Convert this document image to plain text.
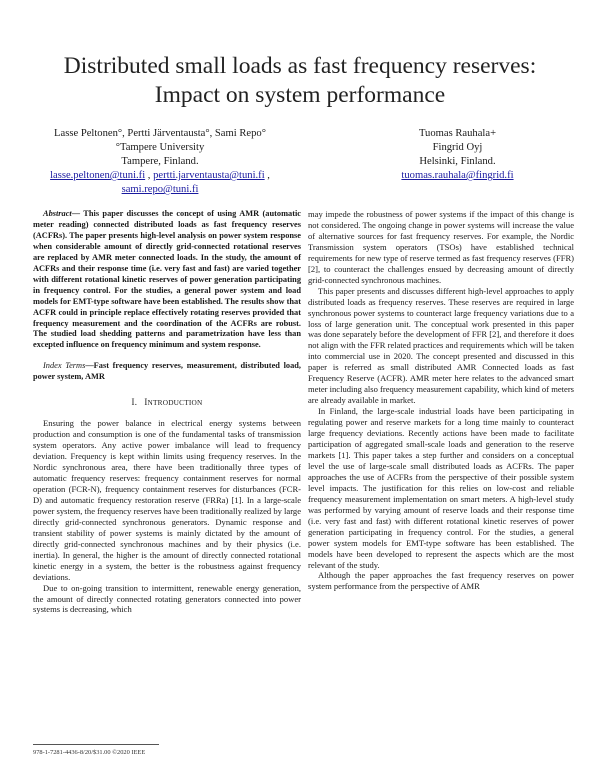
Distributed small loads as fast frequency reserves:
Impact on system performance
Lasse Peltonen°, Pertti Järventausta°, Sami Repo°
°Tampere University
Tampere, Finland.
lasse.peltonen@tuni.fi , pertti.jarventausta@tuni.fi ,
sami.repo@tuni.fi
Tuomas Rauhala+
Fingrid Oyj
Helsinki, Finland.
tuomas.rauhala@fingrid.fi

Abstract— This paper discusses the concept of using AMR (automatic meter reading) connected distributed loads as fast frequency reserves (ACFRs). The paper presents high-level analysis on power system response when considerable amount of directly grid-connected rotational reserves are replaced by AMR meter connected loads. In the study, the amount of ACFRs and their response time (i.e. very fast and fast) are varied together with different rotational kinetic reserves of power generation participating in frequency control. For the studies, a general power system and load models for EMT-type software have been established. The results show that ACFR could in principle replace effectively rotating reserves provided that frequency measurement and the coordination of the ACFRs are robust. The studied load shedding patterns and parametrization have less than excepted influence on frequency minimum and system response.

Index Terms—Fast frequency reserves, measurement, distributed load, power system, AMR

I. INTRODUCTION

Ensuring the power balance in electrical energy systems between production and consumption is one of the fundamental tasks of transmission system operators. Any active power imbalance will lead to frequency deviation. Frequency is kept within limits using frequency reserves. In the Nordic synchronous area, there have been traditionally three types of automatic frequency reserves: frequency containment reserves for normal operation (FCR-N), frequency containment reserves for disturbances (FCR-D) and automatic frequency restoration reserve (FRRa) [1]. In a large-scale power system, the frequency reserves have been traditionally realized by large directly grid-connected synchronous generators. Dynamic response and transient stability of power systems is mainly dictated by the amount of directly grid-connected synchronous machines and by their physics (i.e. inertia). In general, the higher is the amount of directly connected rotational kinetic energy in a system, the better is the robustness against frequency deviations.

Due to on-going transition to intermittent, renewable energy generation, the amount of directly connected rotating generators connected into power systems is decreasing, which

may impede the robustness of power systems if the impact of this change is not considered. The ongoing change in power systems will increase the value of alternative sources for fast frequency reserves. For example, the Nordic Transmission system operators (TSOs) have established technical requirements for new type of reserve termed as fast frequency reserves (FFR) [2], to counteract the challenges ensued by decreasing amount of directly grid-connected synchronous machines.

This paper presents and discusses different high-level approaches to apply distributed loads as frequency reserves. These reserves are required in large synchronous power systems to counteract large frequency variations due to a loss of large generation unit. The conceptual work presented in this paper was done separately before the development of FFR [2], and therefore it does not align with the FFR related practices and requirements which will be taken into commercial use in 2020. The concept presented and discussed in this paper is referred as small distributed AMR Connected loads as fast Frequency Reserve (ACFR). AMR meter here relates to the advanced smart meter including also frequency measurement capability, which kind of meters are already available in market.

In Finland, the large-scale industrial loads have been participating in regulating power and reserve markets for a long time mainly to counteract large frequency deviations. Recently actions have been made to facilitate participation of aggregated small-scale loads and generation to the reserve markets [1]. This paper takes a step further and considers on a conceptual level the use of large-scale small distributed loads as ACFRs. The paper approaches the use of ACFRs from the perspective of their possible system level impacts. The justification for this relies on low-cost and reliable frequency measurement implementation on smart meters. A high-level study was performed by varying amount of reserve loads and their response time (i.e. very fast and fast) with different rotational kinetic reserves of power generation participating in frequency control. For the studies, a general power system models for EMT-type software has been established. The models have been developed to represent the aspects which are the most relevant of the study.

Although the paper approaches the fast frequency reserves on power system performance from the perspective of AMR

978-1-7281-4436-8/20/$31.00 ©2020 IEEE
